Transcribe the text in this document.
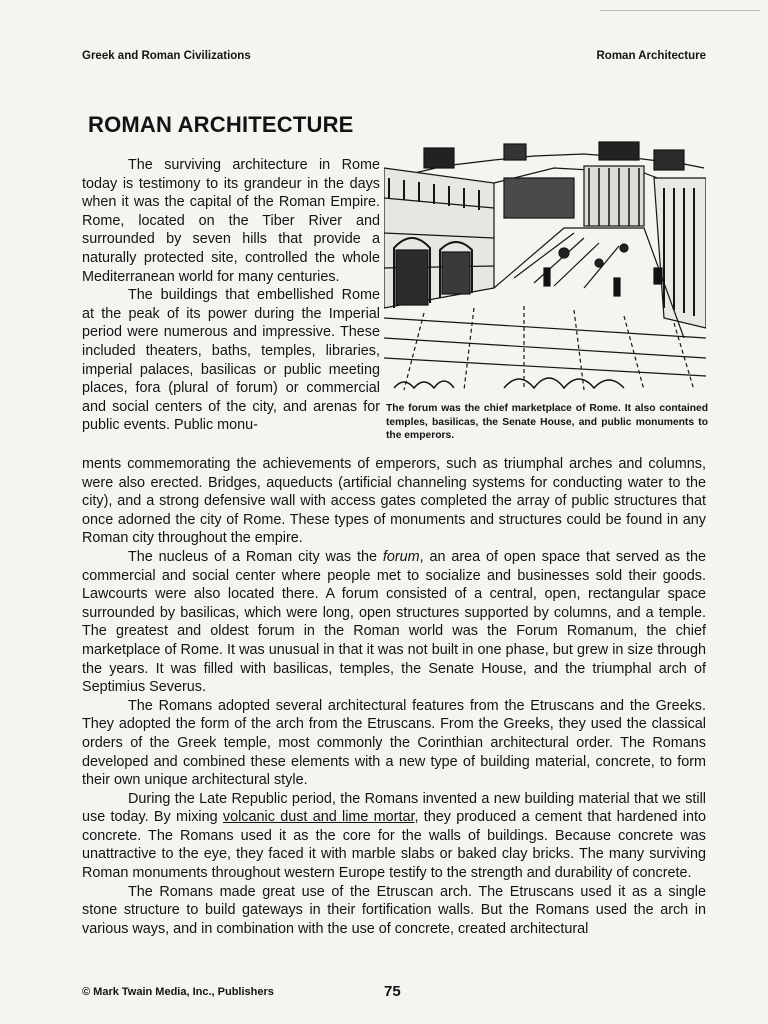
Greek and Roman Civilizations	Roman Architecture
ROMAN ARCHITECTURE

The surviving architecture in Rome today is testimony to its grandeur in the days when it was the capital of the Roman Empire. Rome, located on the Tiber River and surrounded by seven hills that provide a naturally protected site, controlled the whole Mediterranean world for many centuries.

The buildings that embellished Rome at the peak of its power during the Imperial period were numerous and impressive. These included theaters, baths, temples, libraries, imperial palaces, basilicas or public meeting places, fora (plural of forum) or commercial and social centers of the city, and arenas for public events. Public monu-

The forum was the chief marketplace of Rome. It also contained temples, basilicas, the Senate House, and public monuments to the emperors.

ments commemorating the achievements of emperors, such as triumphal arches and columns, were also erected. Bridges, aqueducts (artificial channeling systems for conducting water to the city), and a strong defensive wall with access gates completed the array of public structures that once adorned the city of Rome. These types of monuments and structures could be found in any Roman city throughout the empire.

The nucleus of a Roman city was the forum, an area of open space that served as the commercial and social center where people met to socialize and businesses sold their goods. Lawcourts were also located there. A forum consisted of a central, open, rectangular space surrounded by basilicas, which were long, open structures supported by columns, and a temple. The greatest and oldest forum in the Roman world was the Forum Romanum, the chief marketplace of Rome. It was unusual in that it was not built in one phase, but grew in size through the years. It was filled with basilicas, temples, the Senate House, and the triumphal arch of Septimius Severus.

The Romans adopted several architectural features from the Etruscans and the Greeks. They adopted the form of the arch from the Etruscans. From the Greeks, they used the classical orders of the Greek temple, most commonly the Corinthian architectural order. The Romans developed and combined these elements with a new type of building material, concrete, to form their own unique architectural style.

During the Late Republic period, the Romans invented a new building material that we still use today. By mixing volcanic dust and lime mortar, they produced a cement that hardened into concrete. The Romans used it as the core for the walls of buildings. Because concrete was unattractive to the eye, they faced it with marble slabs or baked clay bricks. The many surviving Roman monuments throughout western Europe testify to the strength and durability of concrete.

The Romans made great use of the Etruscan arch. The Etruscans used it as a single stone structure to build gateways in their fortification walls. But the Romans used the arch in various ways, and in combination with the use of concrete, created architectural

© Mark Twain Media, Inc., Publishers	75
